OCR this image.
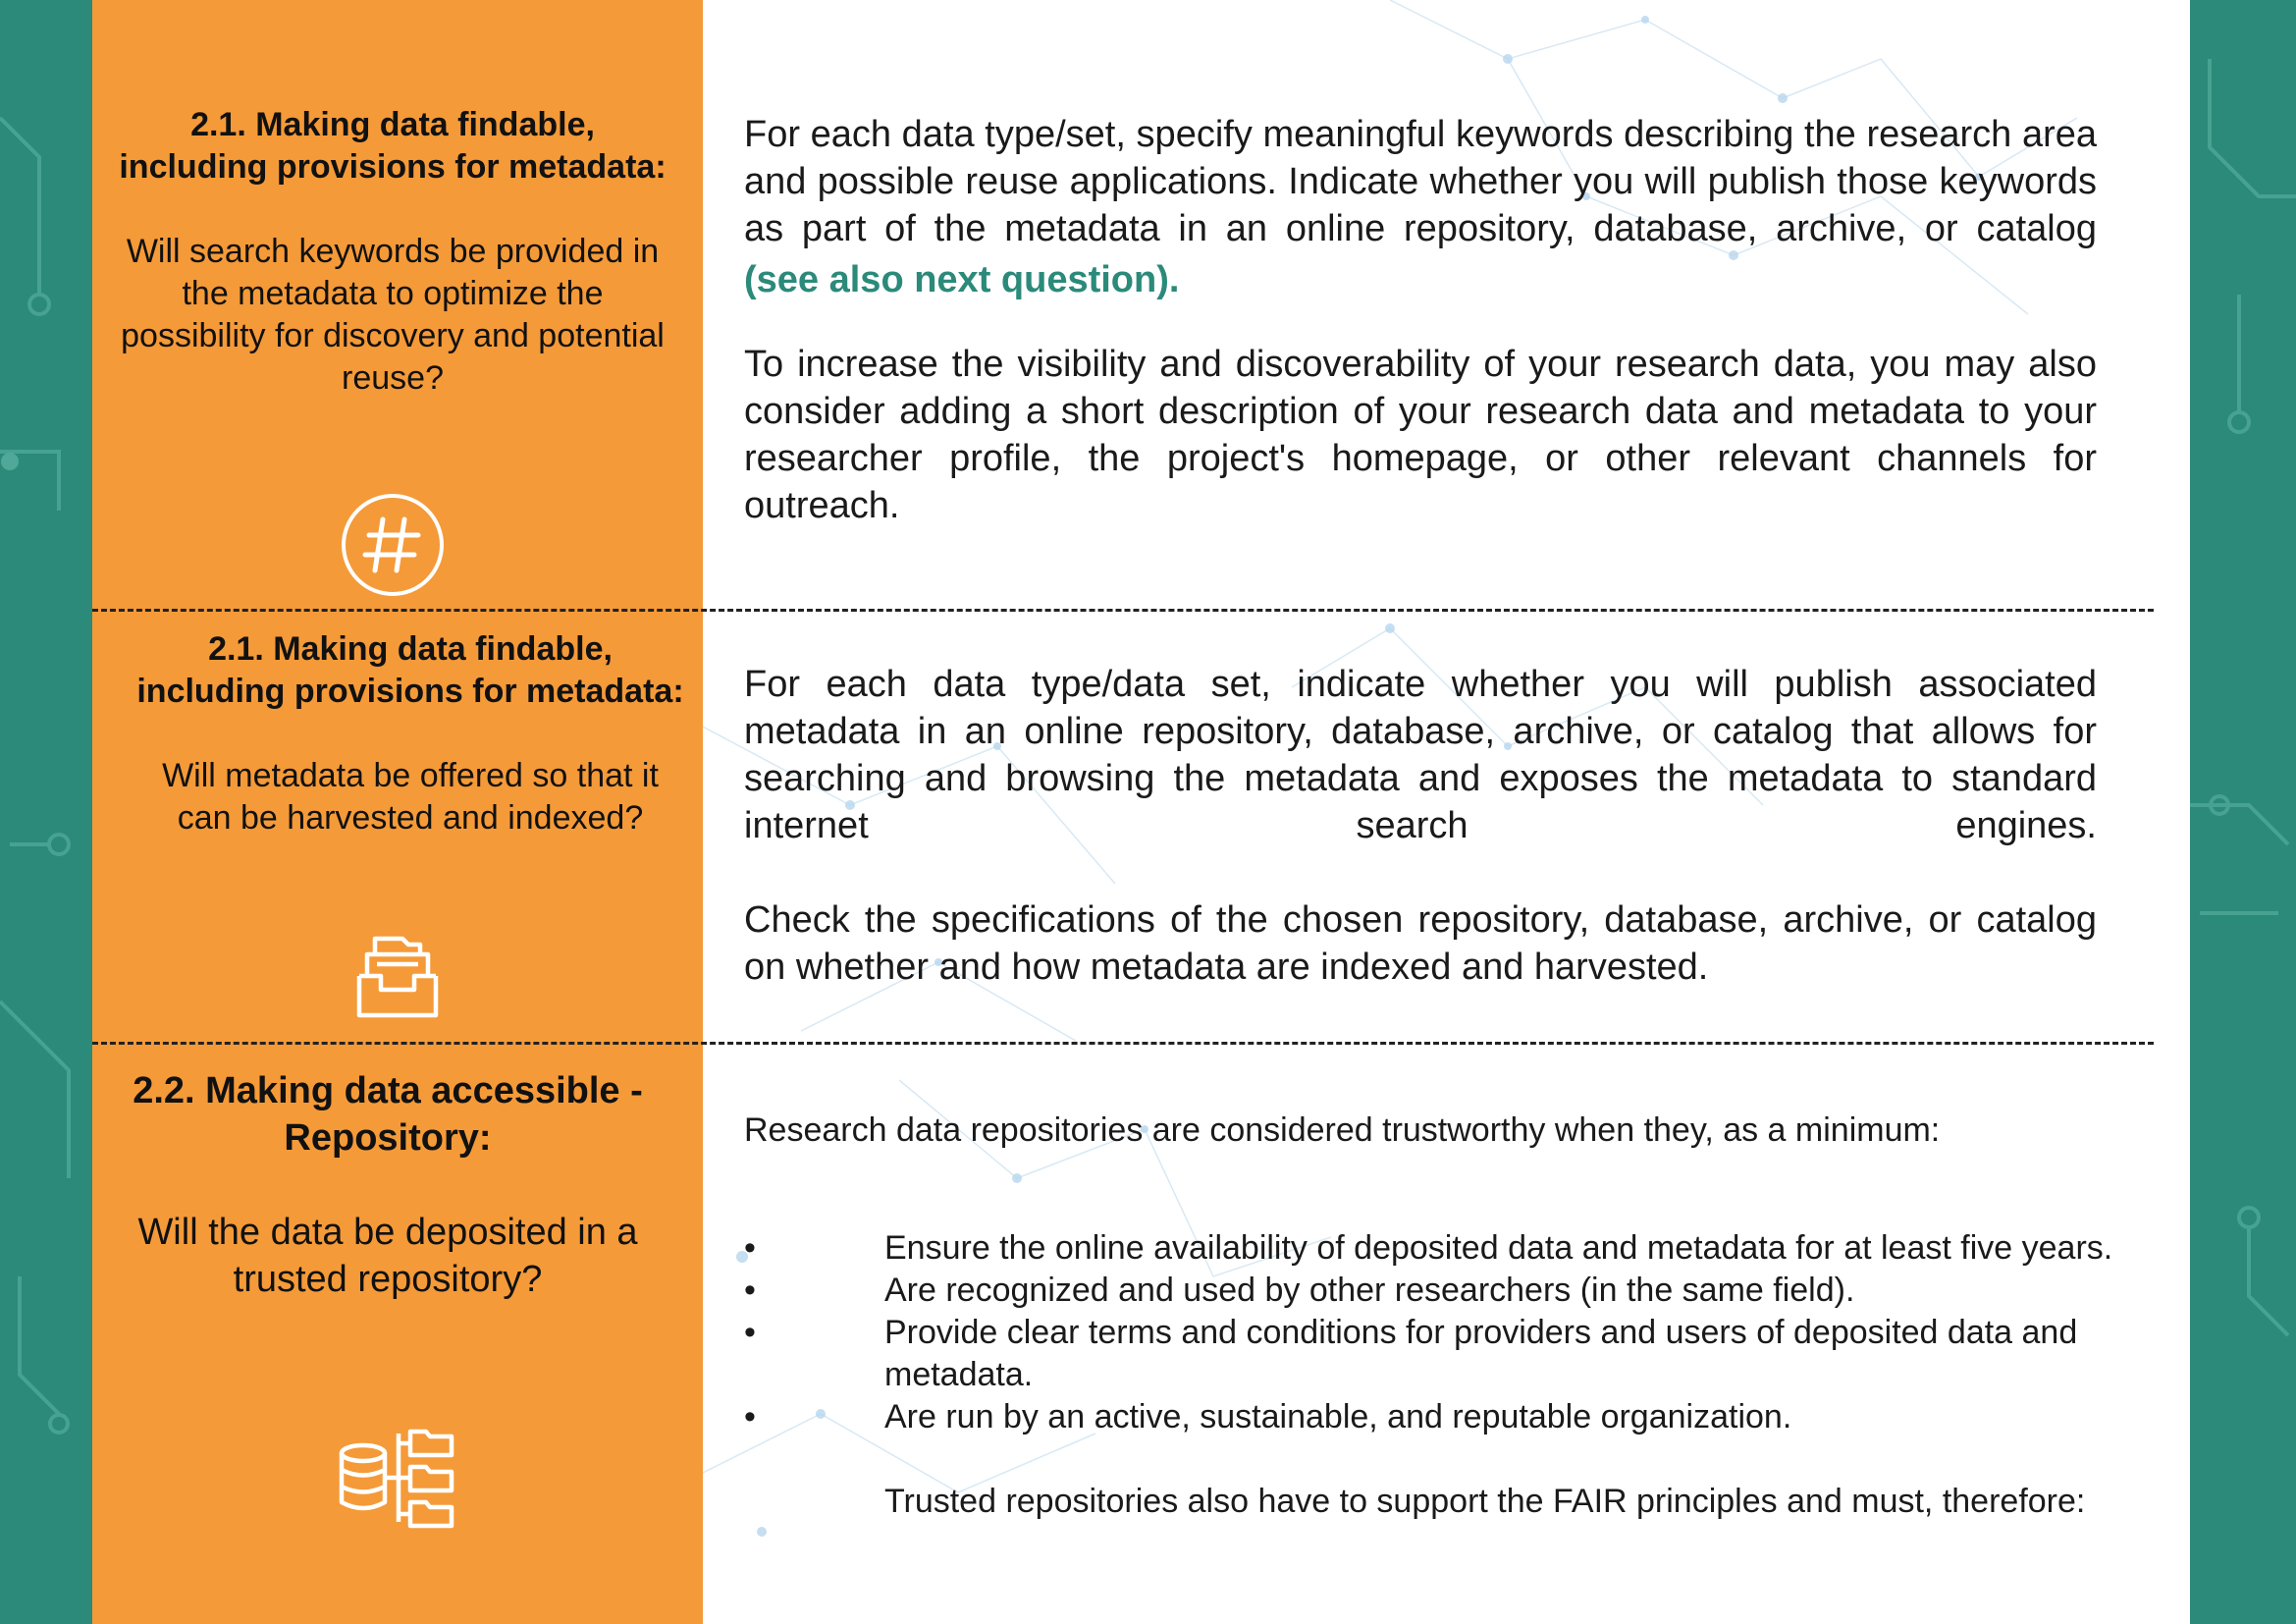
2.1. Making data findable, including provisions for metadata:
Will search keywords be provided in the metadata to optimize the possibility for discovery and potential reuse?

For each data type/set, specify meaningful keywords describing the research area and possible reuse applications. Indicate whether you will publish those keywords as part of the metadata in an online repository, database, archive, or catalog

(see also next question).

To increase the visibility and discoverability of your research data, you may also consider adding a short description of your research data and metadata to your researcher profile, the project's homepage, or other relevant channels for outreach.

2.1. Making data findable, including provisions for metadata:
Will metadata be offered so that it can be harvested and indexed?

For each data type/data set, indicate whether you will publish associated metadata in an online repository, database, archive, or catalog that allows for searching and browsing the metadata and exposes the metadata to standard internet search engines.

Check the specifications of the chosen repository, database, archive, or catalog on whether and how metadata are indexed and harvested.

2.2. Making data accessible - Repository:
Will the data be deposited in a trusted repository?
Research data repositories are considered trustworthy when they, as a minimum:
•	Ensure the online availability of deposited data and metadata for at least five years.
•	Are recognized and used by other researchers (in the same field).
•	Provide clear terms and conditions for providers and users of deposited data and metadata.
•	Are run by an active, sustainable, and reputable organization.
Trusted repositories also have to support the FAIR principles and must, therefore:
